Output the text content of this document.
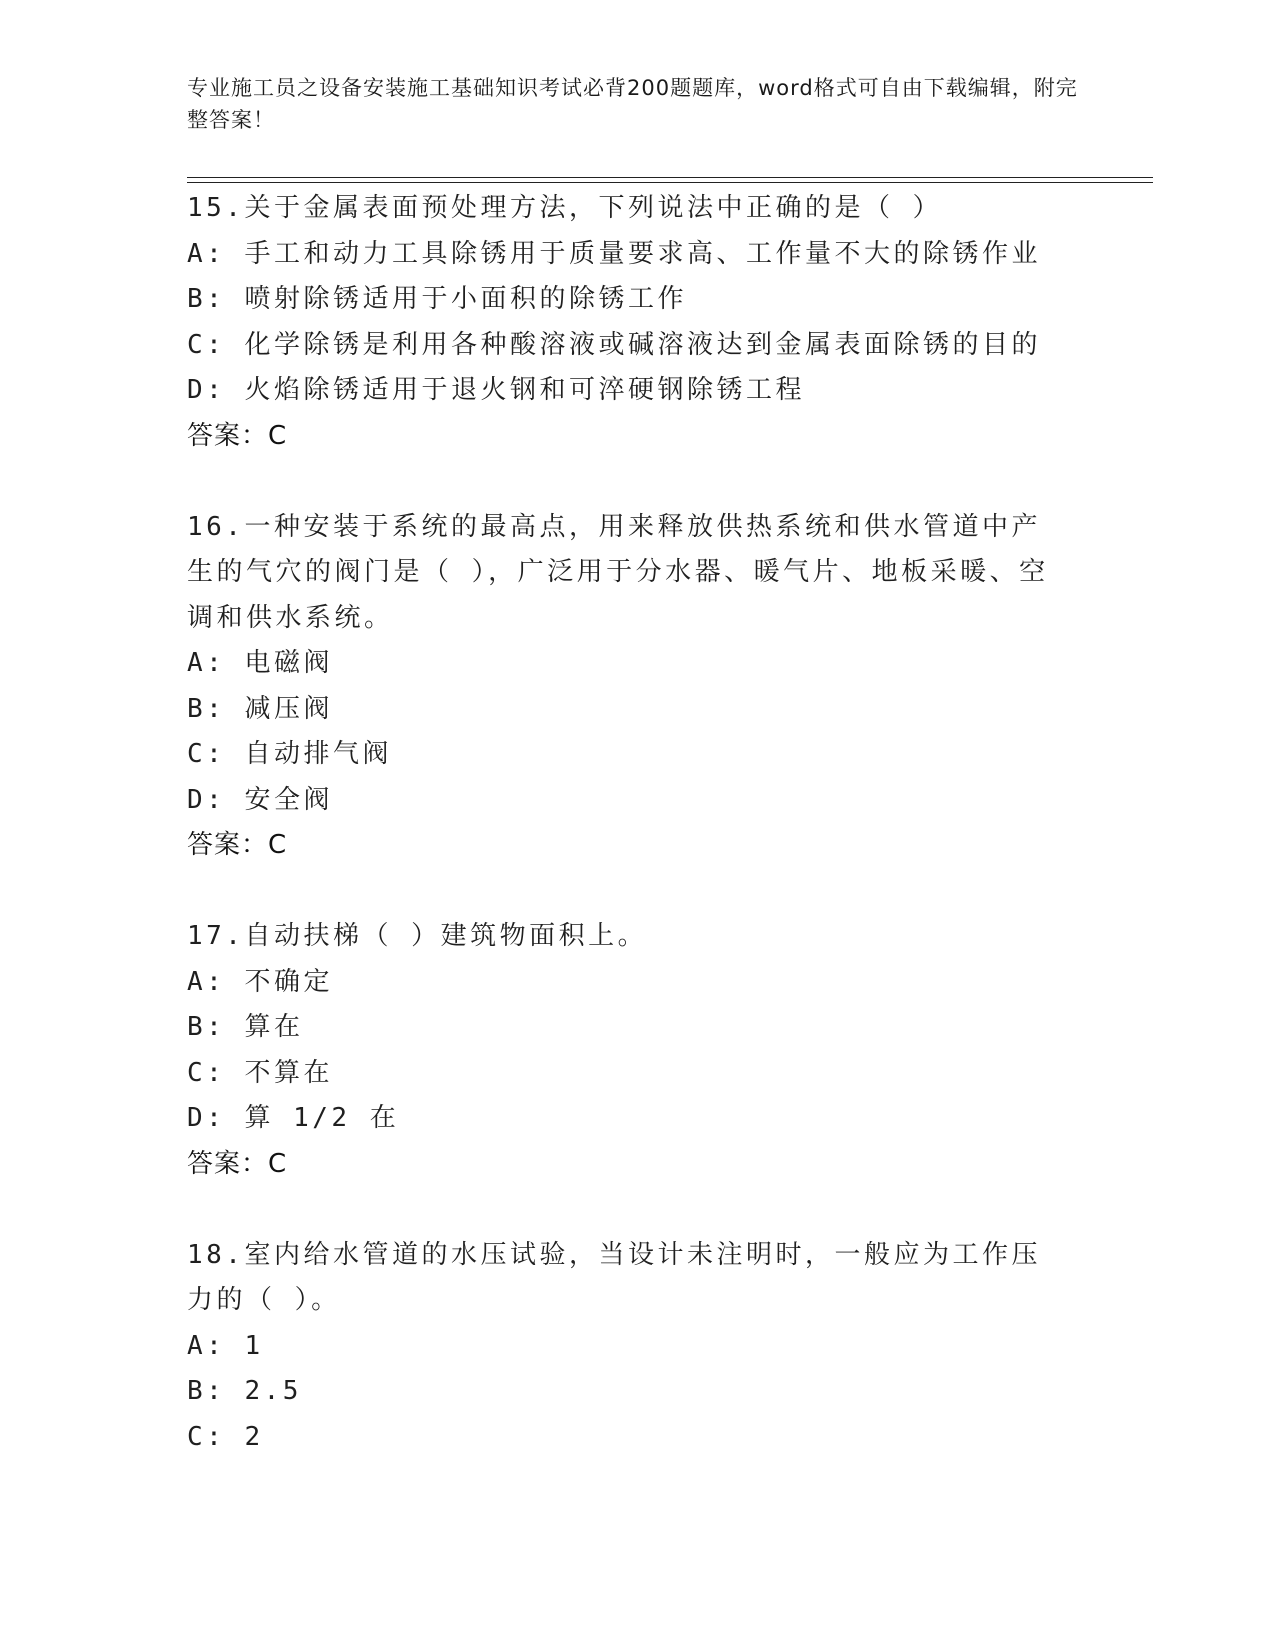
专业施工员之设备安装施工基础知识考试必背200题题库，word格式可自由下载编辑，附完整答案！
15.关于金属表面预处理方法，下列说法中正确的是（ ）
A: 手工和动力工具除锈用于质量要求高、工作量不大的除锈作业
B: 喷射除锈适用于小面积的除锈工作
C: 化学除锈是利用各种酸溶液或碱溶液达到金属表面除锈的目的
D: 火焰除锈适用于退火钢和可淬硬钢除锈工程
答案：C
16.一种安装于系统的最高点，用来释放供热系统和供水管道中产生的气穴的阀门是（ ），广泛用于分水器、暖气片、地板采暖、空调和供水系统。
A: 电磁阀
B: 减压阀
C: 自动排气阀
D: 安全阀
答案：C
17.自动扶梯（ ）建筑物面积上。
A: 不确定
B: 算在
C: 不算在
D: 算 1/2 在
答案：C
18.室内给水管道的水压试验，当设计未注明时，一般应为工作压力的（ ）。
A: 1
B: 2.5
C: 2
